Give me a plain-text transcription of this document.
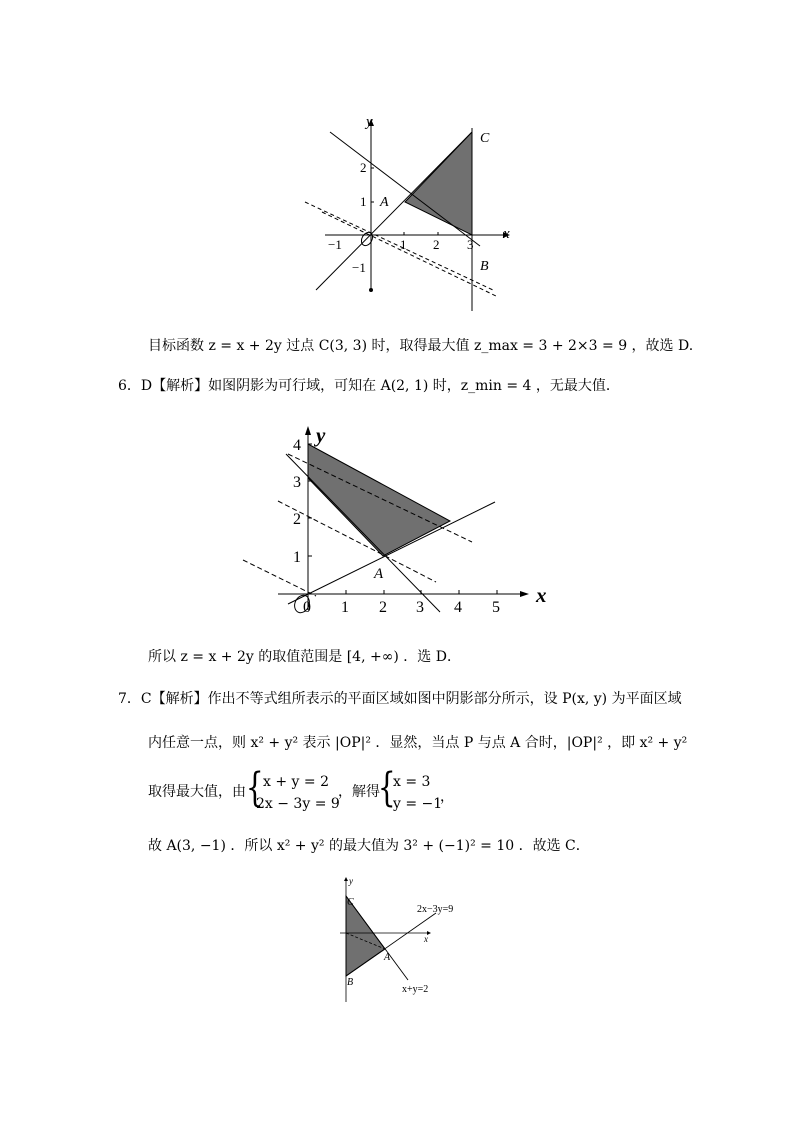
x
y
−1	1 2 3
2
1
−1
A
B
C
目标函数 z = x + 2y 过点 C(3, 3) 时，取得最大值 z_max = 3 + 2×3 = 9 ，故选 D.
6．D【解析】如图阴影为可行域，可知在 A(2, 1) 时，z_min = 4 ，无最大值．
x
y
0 1 2 3 4 5
4
3
2
1
A
所以 z = x + 2y 的取值范围是 [4, +∞) ．选 D．
7．C【解析】作出不等式组所表示的平面区域如图中阴影部分所示，设 P(x, y) 为平面区域
内任意一点，则 x² + y² 表示 |OP|² ．显然，当点 P 与点 A 合时，|OP|² ，即 x² + y²
取得最大值，由 { x + y = 2
2x − 3y = 9
，解得
{
x = 3
y = −1
，
故 A(3, −1) ．所以 x² + y² 的最大值为 3² + (−1)² = 10 ．故选 C．
x
y
C
A
B
2x−3y=9
x+y=2
